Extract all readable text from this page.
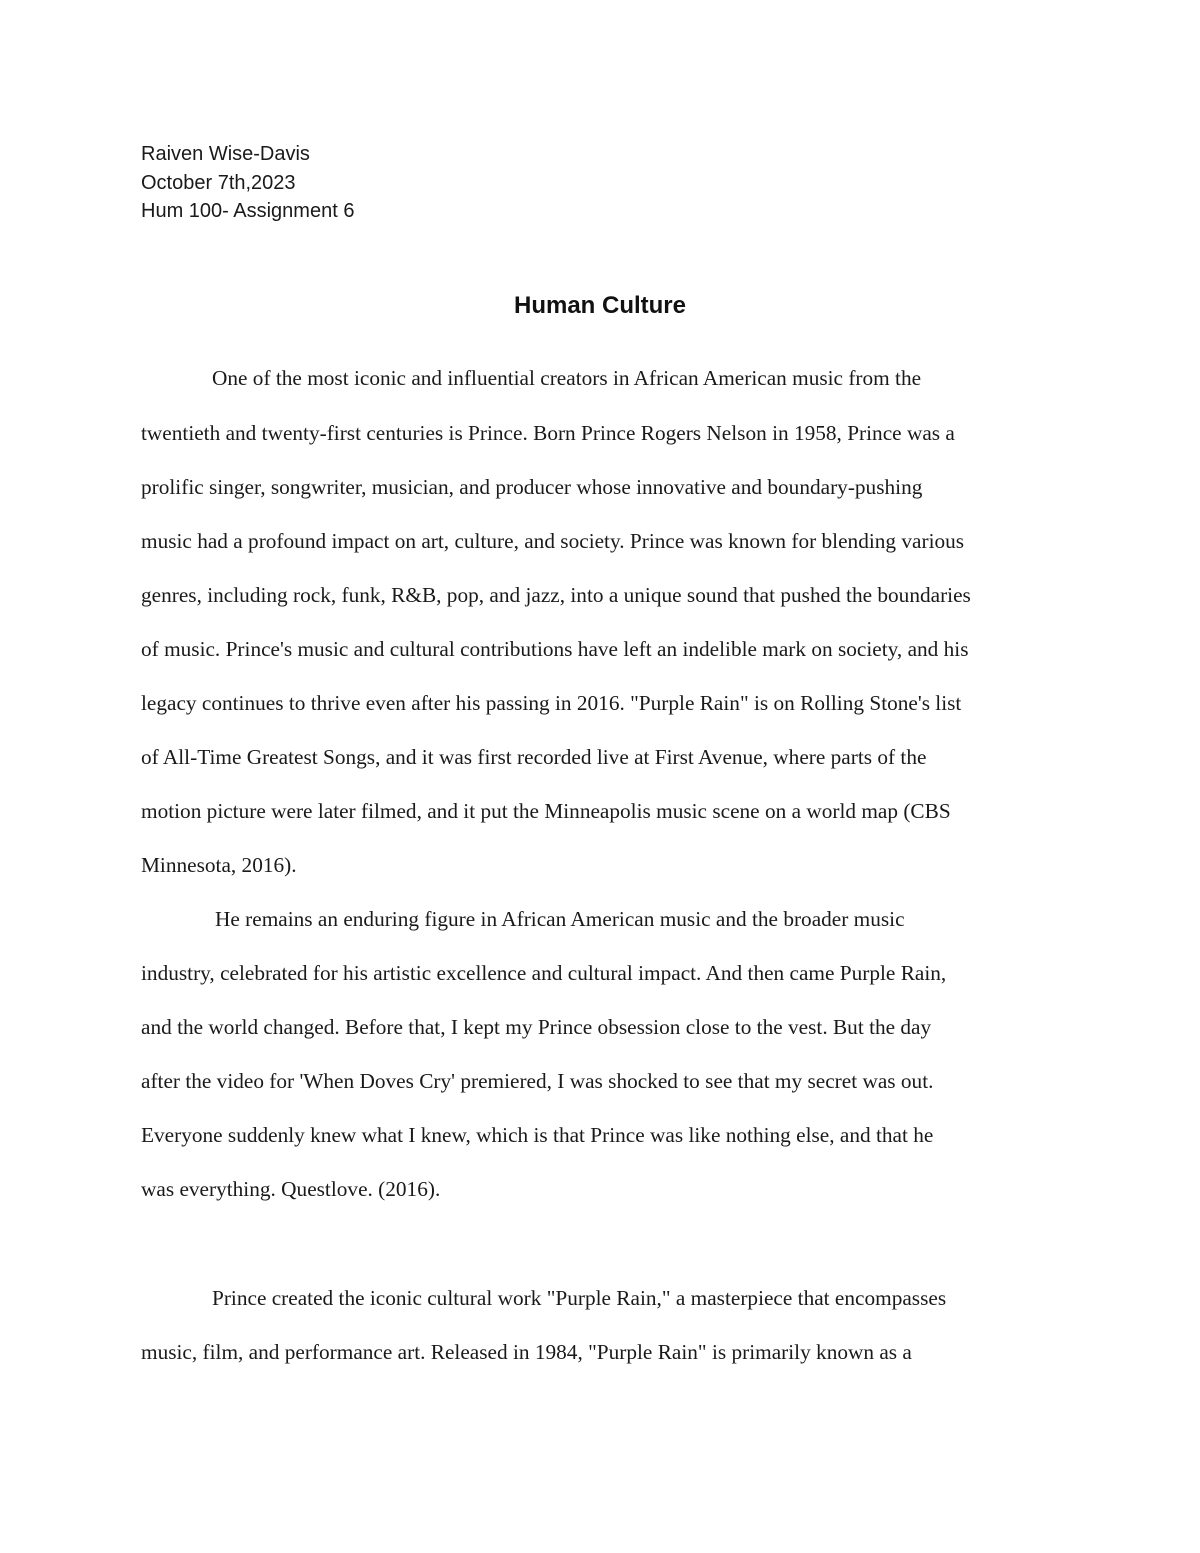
Raiven Wise-Davis
October 7th,2023
Hum 100- Assignment 6
Human Culture
One of the most iconic and influential creators in African American music from the
twentieth and twenty-first centuries is Prince. Born Prince Rogers Nelson in 1958, Prince was a
prolific singer, songwriter, musician, and producer whose innovative and boundary-pushing
music had a profound impact on art, culture, and society. Prince was known for blending various
genres, including rock, funk, R&B, pop, and jazz, into a unique sound that pushed the boundaries
of music. Prince's music and cultural contributions have left an indelible mark on society, and his
legacy continues to thrive even after his passing in 2016. "Purple Rain" is on Rolling Stone's list
of All-Time Greatest Songs, and it was first recorded live at First Avenue, where parts of the
motion picture were later filmed, and it put the Minneapolis music scene on a world map (CBS
Minnesota, 2016).
He remains an enduring figure in African American music and the broader music
industry, celebrated for his artistic excellence and cultural impact. And then came Purple Rain,
and the world changed. Before that, I kept my Prince obsession close to the vest. But the day
after the video for 'When Doves Cry' premiered, I was shocked to see that my secret was out.
Everyone suddenly knew what I knew, which is that Prince was like nothing else, and that he
was everything. Questlove. (2016).
Prince created the iconic cultural work "Purple Rain," a masterpiece that encompasses
music, film, and performance art. Released in 1984, "Purple Rain" is primarily known as a
